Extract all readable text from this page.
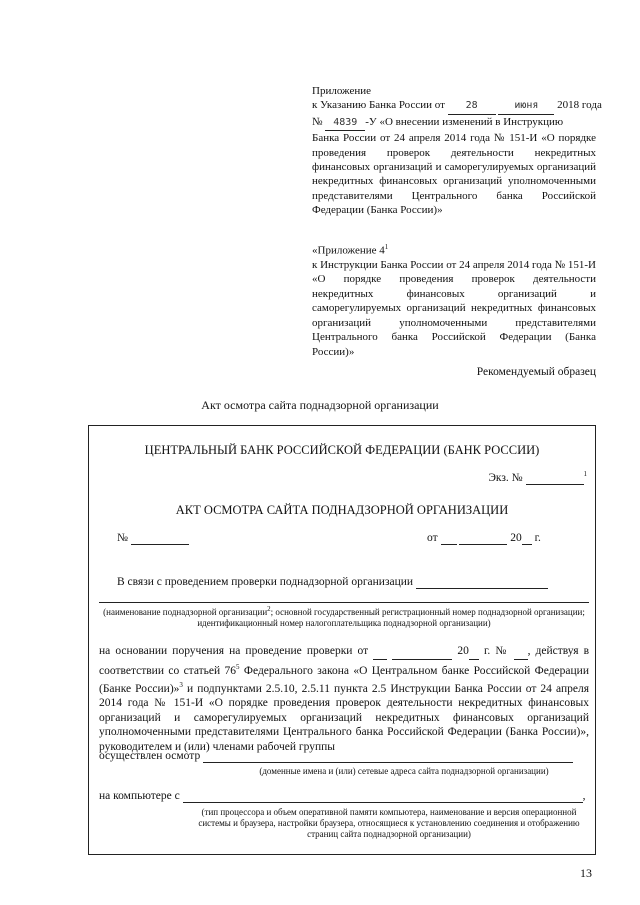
Приложение

к Указанию Банка России от 28	июня 2018 года

№ 4839 -У «О внесении изменений в Инструкцию

Банка России от 24 апреля 2014 года № 151-И «О порядке проведения проверок деятельности некредитных финансовых организаций и саморегулируемых организаций некредитных финансовых организаций уполномоченными представителями Центрального банка Российской Федерации (Банка России)»

«Приложение $4^1$

к Инструкции Банка России от 24 апреля 2014 года № 151-И «О порядке проведения проверок деятельности некредитных финансовых организаций и саморегулируемых организаций некредитных финансовых организаций уполномоченными представителями Центрального банка Российской Федерации (Банка России)»

Рекомендуемый образец
Акт осмотра сайта поднадзорной организации
ЦЕНТРАЛЬНЫЙ БАНК РОССИЙСКОЙ ФЕДЕРАЦИИ (БАНК РОССИИ)
Экз. №	$^1$
АКТ ОСМОТРА САЙТА ПОДНАДЗОРНОЙ ОРГАНИЗАЦИИ
№	от	20 г.
В связи с проведением проверки поднадзорной организации
(наименование поднадзорной организации$^2$; основной государственный регистрационный номер поднадзорной организации; идентификационный номер налогоплательщика поднадзорной организации)
на основании поручения на проведение проверки от	20 г. № , действуя в соответствии со статьей $76^5$ Федерального закона «О Центральном банке Российской Федерации (Банке России)»$^3$ и подпунктами 2.5.10, 2.5.11 пункта 2.5 Инструкции Банка России от 24 апреля 2014 года № 151-И «О порядке проведения проверок деятельности некредитных финансовых организаций и саморегулируемых организаций некредитных финансовых организаций уполномоченными представителями Центрального банка Российской Федерации (Банка России)», руководителем и (или) членами рабочей группы
осуществлен осмотр
(доменные имена и (или) сетевые адреса сайта поднадзорной организации)
на компьютере с	,
(тип процессора и объем оперативной памяти компьютера, наименование и версия операционной системы и браузера, настройки браузера, относящиеся к установлению соединения и отображению страниц сайта поднадзорной организации)
13
